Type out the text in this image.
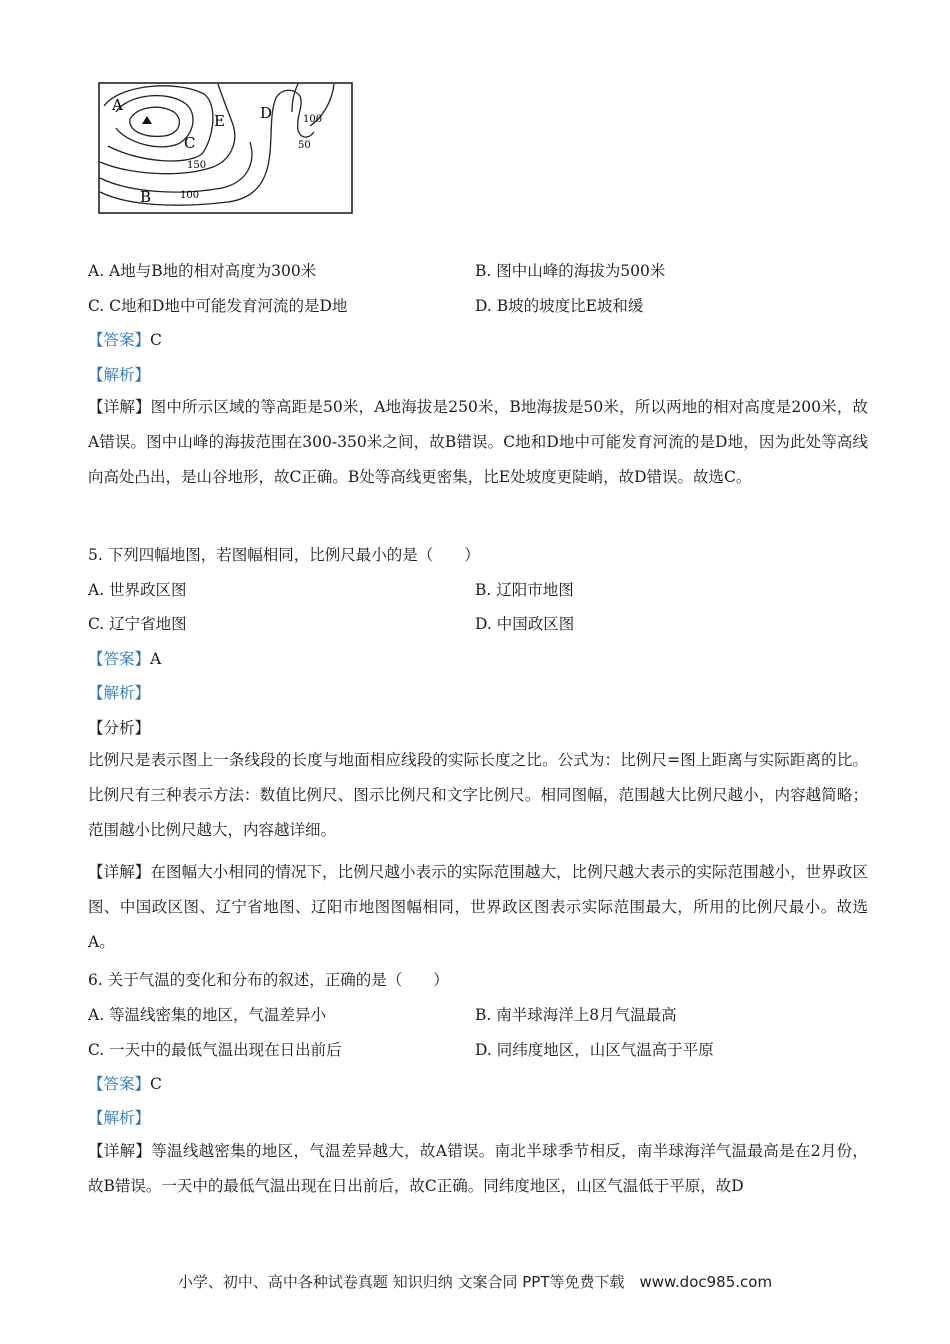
A
B
C
D
E
150
100
100
50
A. A地与B地的相对高度为300米	B. 图中山峰的海拔为500米
C. C地和D地中可能发育河流的是D地	D. B坡的坡度比E坡和缓
【答案】C
【解析】
【详解】图中所示区域的等高距是50米，A地海拔是250米，B地海拔是50米，所以两地的相对高度是200米，故A错误。图中山峰的海拔范围在300-350米之间，故B错误。C地和D地中可能发育河流的是D地，因为此处等高线向高处凸出，是山谷地形，故C正确。B处等高线更密集，比E处坡度更陡峭，故D错误。故选C。
5. 下列四幅地图，若图幅相同，比例尺最小的是（　　）
A. 世界政区图	B. 辽阳市地图
C. 辽宁省地图	D. 中国政区图
【答案】A
【解析】
【分析】
比例尺是表示图上一条线段的长度与地面相应线段的实际长度之比。公式为：比例尺=图上距离与实际距离的比。比例尺有三种表示方法：数值比例尺、图示比例尺和文字比例尺。相同图幅，范围越大比例尺越小，内容越简略；范围越小比例尺越大，内容越详细。
【详解】在图幅大小相同的情况下，比例尺越小表示的实际范围越大，比例尺越大表示的实际范围越小，世界政区图、中国政区图、辽宁省地图、辽阳市地图图幅相同，世界政区图表示实际范围最大，所用的比例尺最小。故选A。
6. 关于气温的变化和分布的叙述，正确的是（　　）
A. 等温线密集的地区，气温差异小	B. 南半球海洋上8月气温最高
C. 一天中的最低气温出现在日出前后	D. 同纬度地区，山区气温高于平原
【答案】C
【解析】
【详解】等温线越密集的地区，气温差异越大，故A错误。南北半球季节相反，南半球海洋气温最高是在2月份，故B错误。一天中的最低气温出现在日出前后，故C正确。同纬度地区，山区气温低于平原，故D
小学、初中、高中各种试卷真题 知识归纳 文案合同 PPT等免费下载　www.doc985.com
